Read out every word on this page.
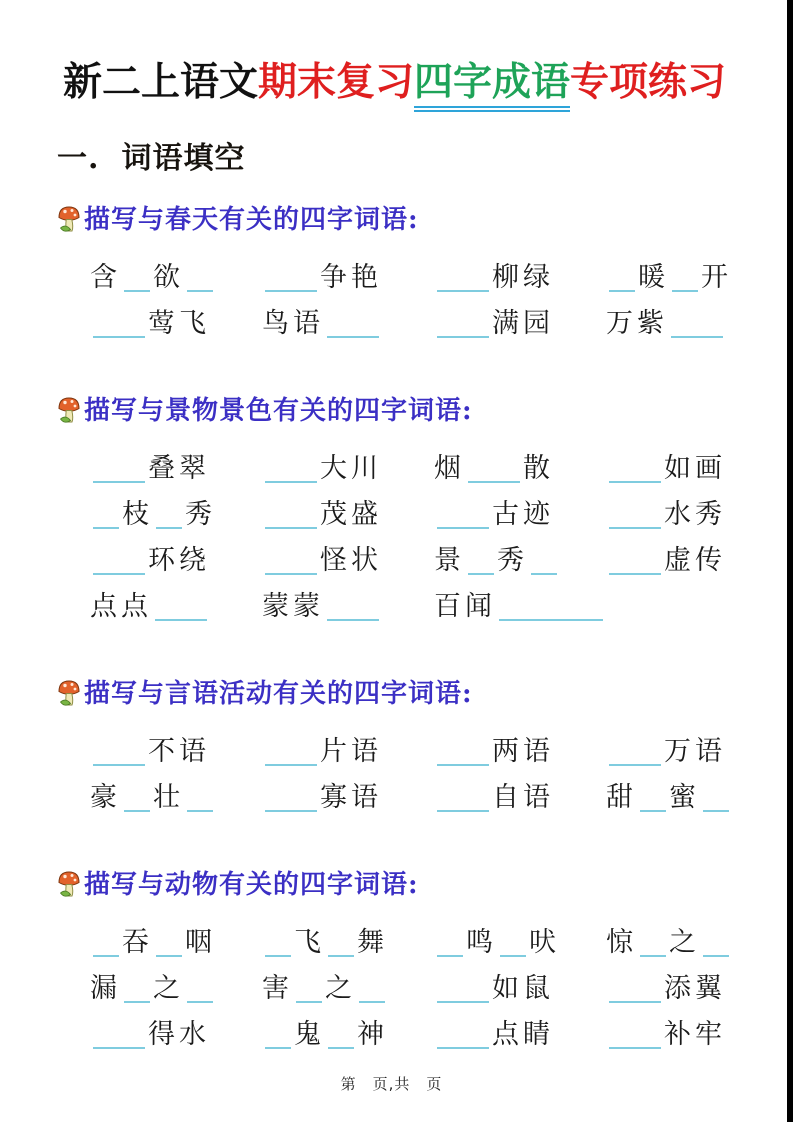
新二上语文期末复习四字成语专项练习
一. 词语填空
描写与春天有关的四字词语:
含 欲	争艳	柳绿	暖 开
莺飞	鸟语	满园	万紫
描写与景物景色有关的四字词语:
叠翠	大川	烟 散	如画
枝 秀	茂盛	古迹	水秀
环绕	怪状	景 秀	虚传
点点	蒙蒙	百闻
描写与言语活动有关的四字词语:
不语	片语	两语	万语
豪 壮	寡语	自语	甜 蜜
描写与动物有关的四字词语:
吞 咽	飞 舞	鸣 吠	惊 之
漏 之	害 之	如鼠	添翼
得水	鬼 神	点睛	补牢
第　页,共　页
